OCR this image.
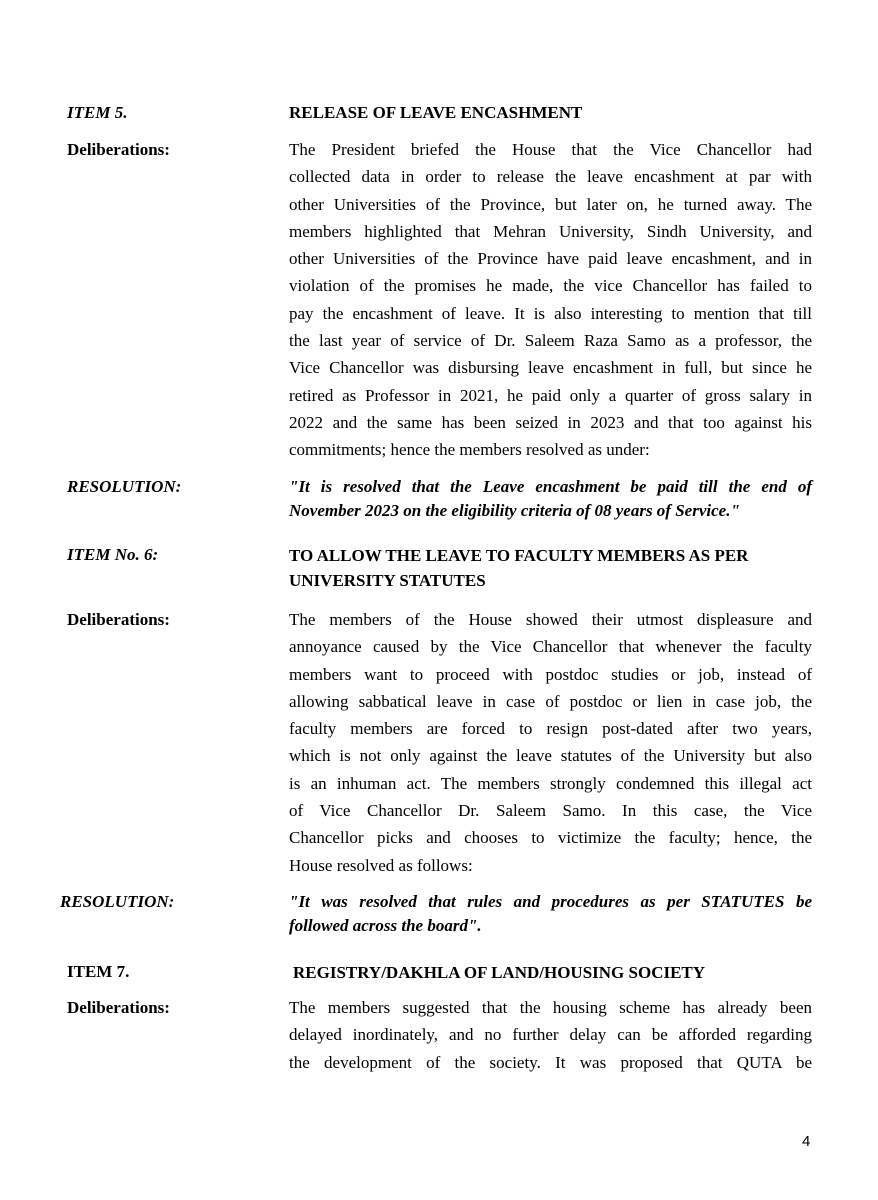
ITEM 5.	RELEASE OF LEAVE ENCASHMENT
Deliberations:	The President briefed the House that the Vice Chancellor had
collected data in order to release the leave encashment at par with
other Universities of the Province, but later on, he turned away. The
members highlighted that Mehran University, Sindh University, and
other Universities of the Province have paid leave encashment, and in
violation of the promises he made, the vice Chancellor has failed to
pay the encashment of leave. It is also interesting to mention that till
the last year of service of Dr. Saleem Raza Samo as a professor, the
Vice Chancellor was disbursing leave encashment in full, but since he
retired as Professor in 2021, he paid only a quarter of gross salary in
2022 and the same has been seized in 2023 and that too against his
commitments; hence the members resolved as under:
RESOLUTION:	"It is resolved that the Leave encashment be paid till the end of
November 2023 on the eligibility criteria of 08 years of Service."
ITEM No. 6:	TO ALLOW THE LEAVE TO FACULTY MEMBERS AS PER UNIVERSITY STATUTES
Deliberations:	The members of the House showed their utmost displeasure and
annoyance caused by the Vice Chancellor that whenever the faculty
members want to proceed with postdoc studies or job, instead of
allowing sabbatical leave in case of postdoc or lien in case job, the
faculty members are forced to resign post-dated after two years,
which is not only against the leave statutes of the University but also
is an inhuman act. The members strongly condemned this illegal act
of Vice Chancellor Dr. Saleem Samo. In this case, the Vice
Chancellor picks and chooses to victimize the faculty; hence, the
House resolved as follows:
RESOLUTION:	"It was resolved that rules and procedures as per STATUTES be
followed across the board".
ITEM 7.	REGISTRY/DAKHLA OF LAND/HOUSING SOCIETY
Deliberations:	The members suggested that the housing scheme has already been
delayed inordinately, and no further delay can be afforded regarding
the development of the society. It was proposed that QUTA be
4
